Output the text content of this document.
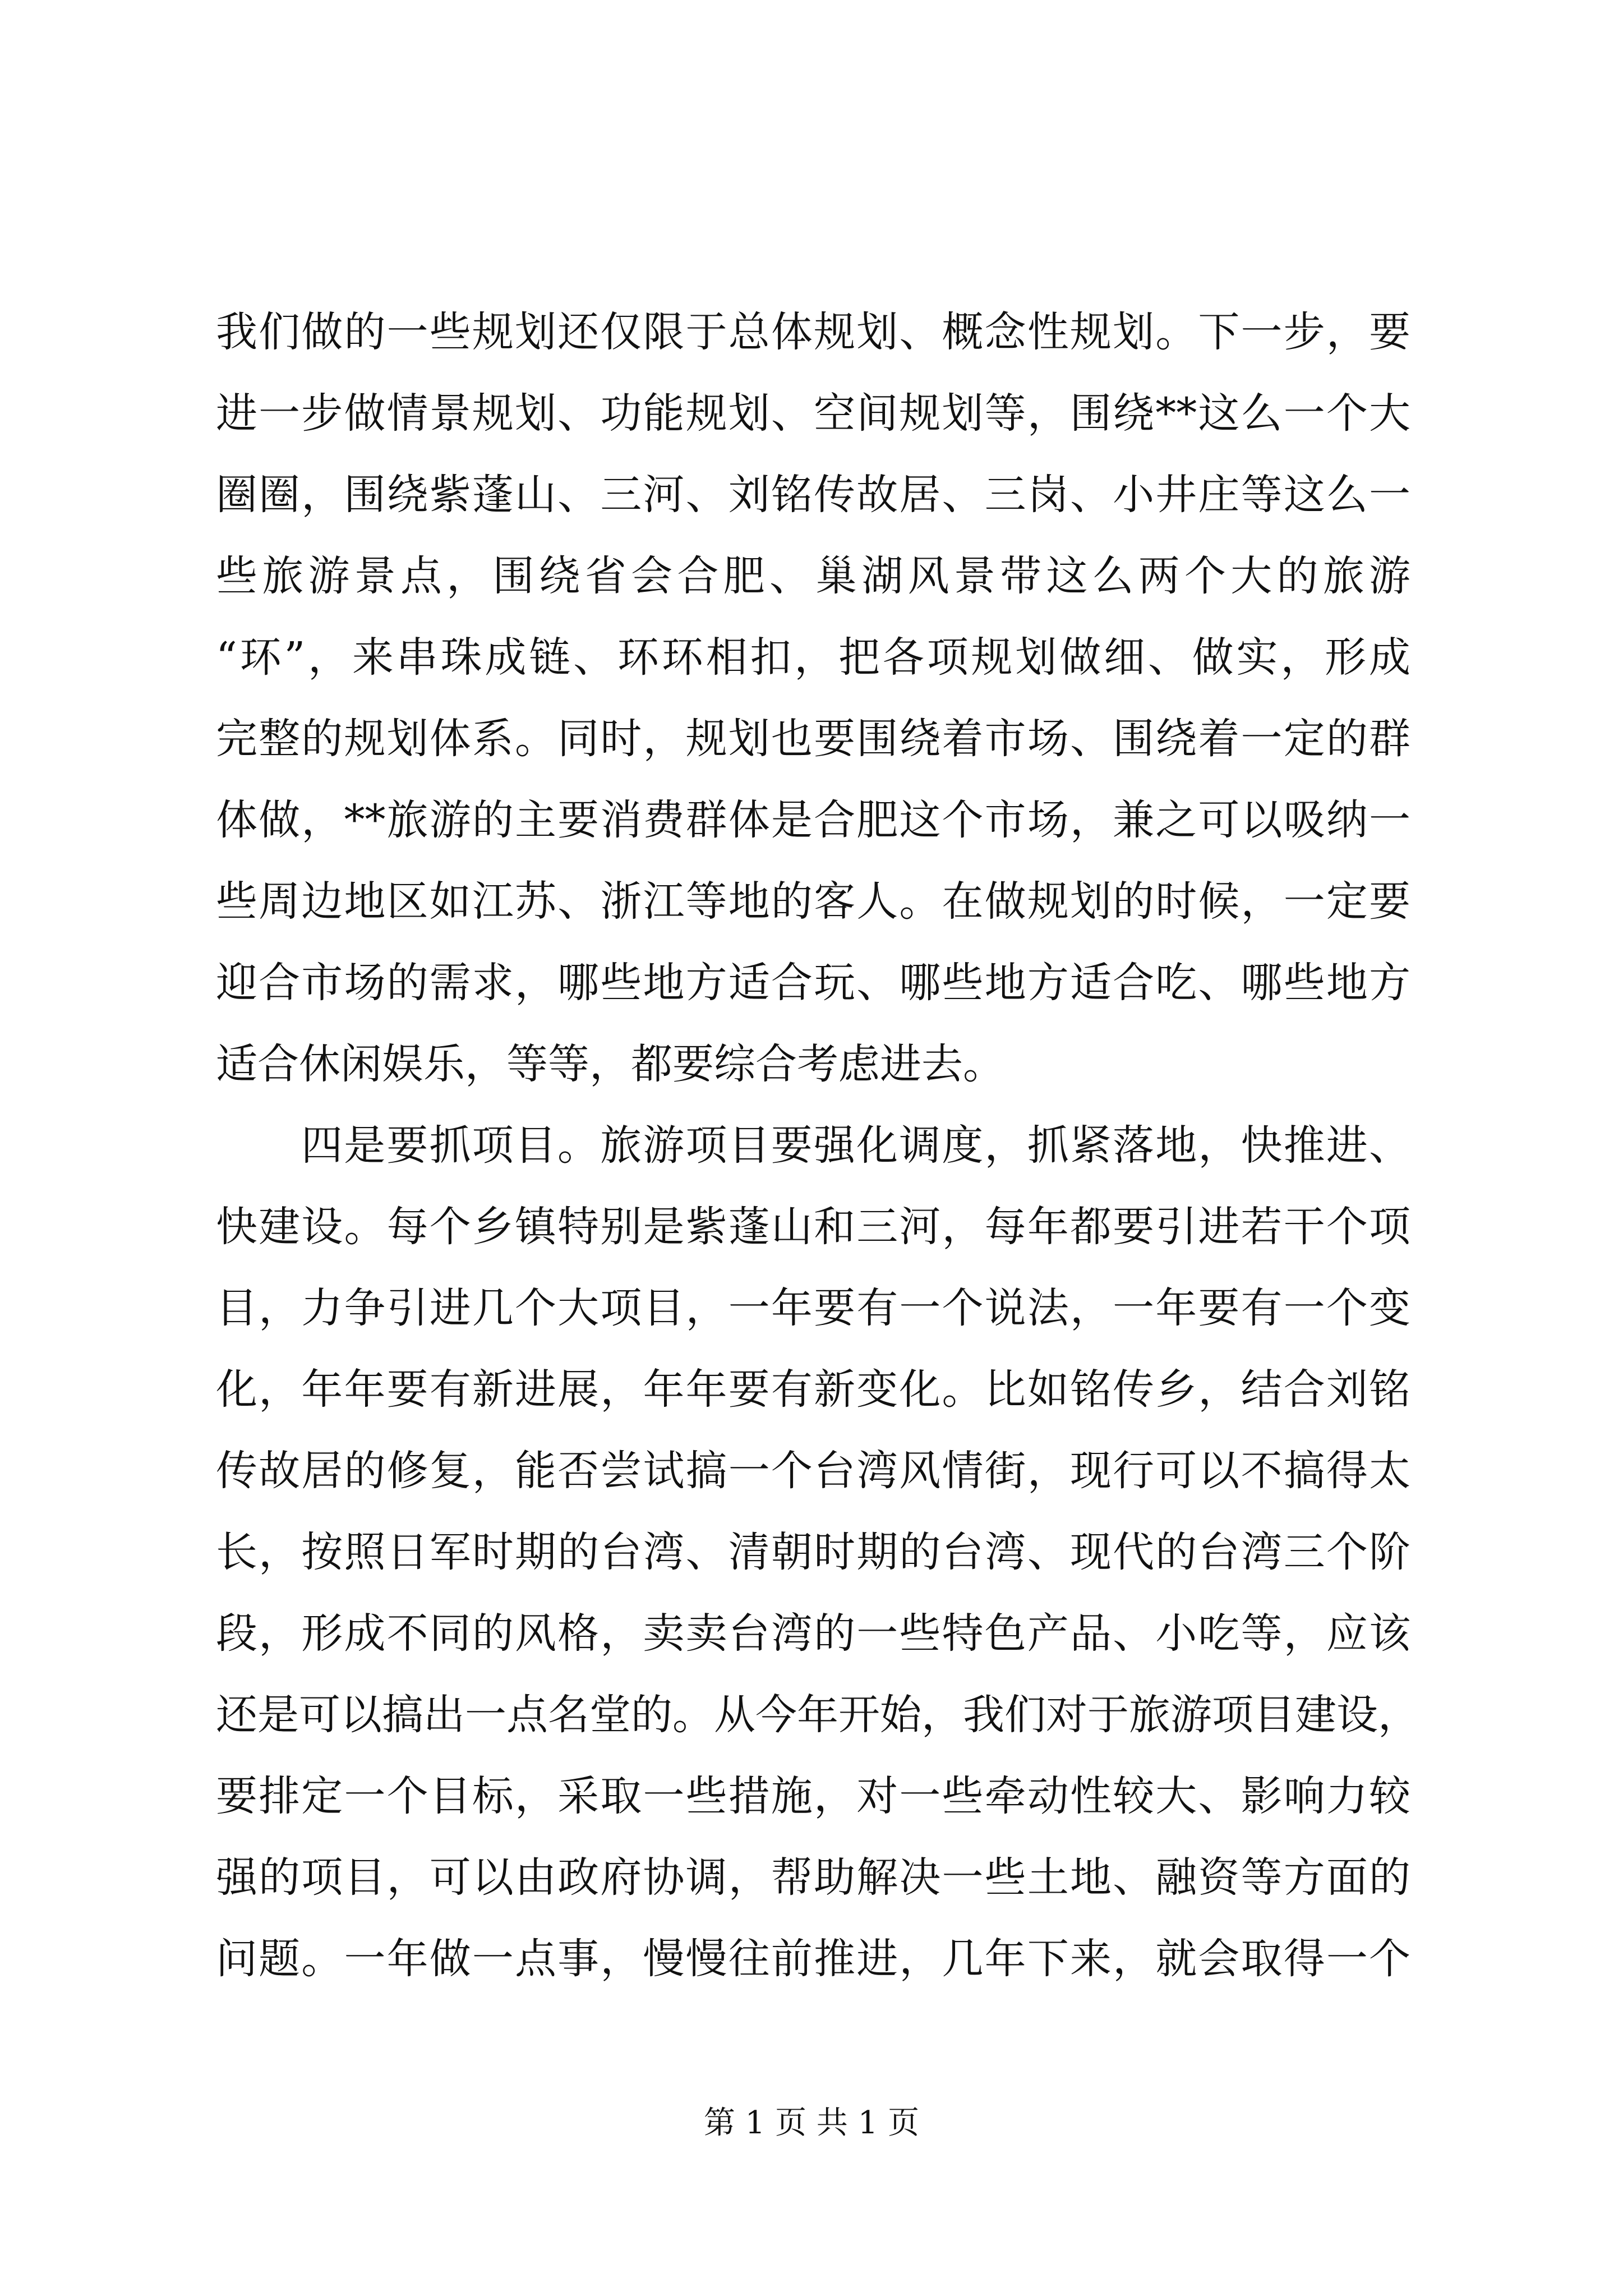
我们做的一些规划还仅限于总体规划、概念性规划。下一步，要
进一步做情景规划、功能规划、空间规划等，围绕**这么一个大
圈圈，围绕紫蓬山、三河、刘铭传故居、三岗、小井庄等这么一
些旅游景点，围绕省会合肥、巢湖风景带这么两个大的旅游
“环”，来串珠成链、环环相扣，把各项规划做细、做实，形成
完整的规划体系。同时，规划也要围绕着市场、围绕着一定的群
体做，**旅游的主要消费群体是合肥这个市场，兼之可以吸纳一
些周边地区如江苏、浙江等地的客人。在做规划的时候，一定要
迎合市场的需求，哪些地方适合玩、哪些地方适合吃、哪些地方
适合休闲娱乐，等等，都要综合考虑进去。

四是要抓项目。旅游项目要强化调度，抓紧落地，快推进、
快建设。每个乡镇特别是紫蓬山和三河，每年都要引进若干个项
目，力争引进几个大项目，一年要有一个说法，一年要有一个变
化，年年要有新进展，年年要有新变化。比如铭传乡，结合刘铭
传故居的修复，能否尝试搞一个台湾风情街，现行可以不搞得太
长，按照日军时期的台湾、清朝时期的台湾、现代的台湾三个阶
段，形成不同的风格，卖卖台湾的一些特色产品、小吃等，应该
还是可以搞出一点名堂的。从今年开始，我们对于旅游项目建设，
要排定一个目标，采取一些措施，对一些牵动性较大、影响力较
强的项目，可以由政府协调，帮助解决一些土地、融资等方面的
问题。一年做一点事，慢慢往前推进，几年下来，就会取得一个

第 1 页 共 1 页
